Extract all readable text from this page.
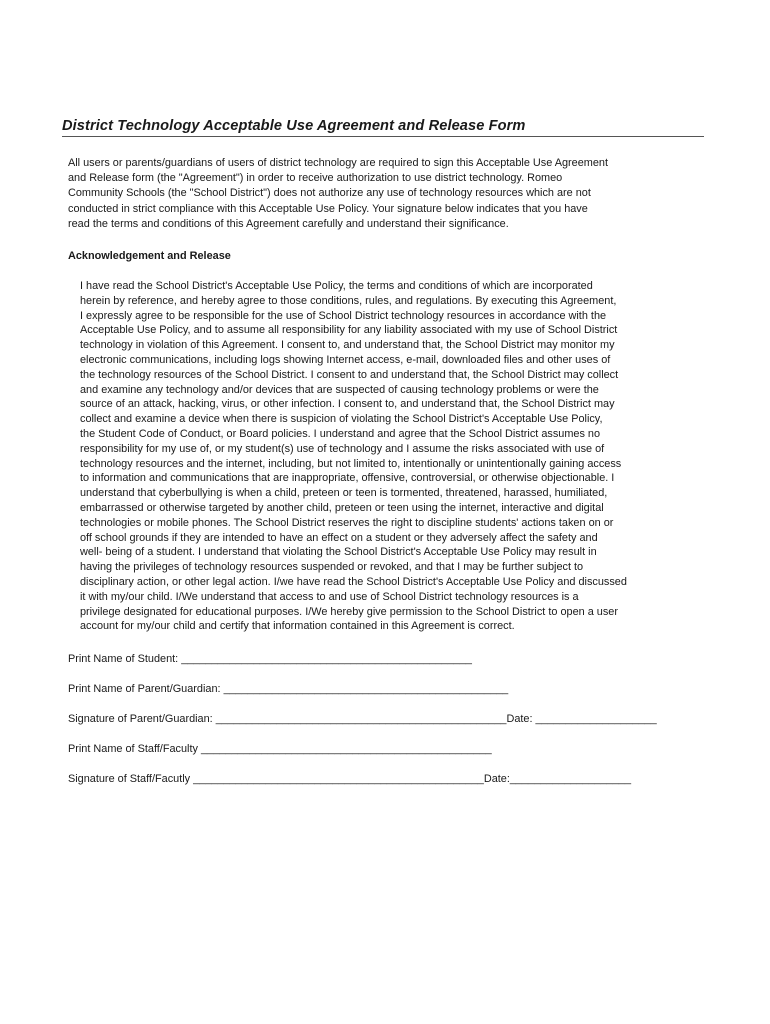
District Technology Acceptable Use Agreement and Release Form
All users or parents/guardians of users of district technology are required to sign this Acceptable Use Agreement
and Release form (the "Agreement") in order to receive authorization to use district technology. Romeo
Community Schools (the "School District") does not authorize any use of technology resources which are not
conducted in strict compliance with this Acceptable Use Policy. Your signature below indicates that you have
read the terms and conditions of this Agreement carefully and understand their significance.
Acknowledgement and Release
I have read the School District's Acceptable Use Policy, the terms and conditions of which are incorporated
herein by reference, and hereby agree to those conditions, rules, and regulations. By executing this Agreement,
I expressly agree to be responsible for the use of School District technology resources in accordance with the
Acceptable Use Policy, and to assume all responsibility for any liability associated with my use of School District
technology in violation of this Agreement. I consent to, and understand that, the School District may monitor my
electronic communications, including logs showing Internet access, e-mail, downloaded files and other uses of
the technology resources of the School District. I consent to and understand that, the School District may collect
and examine any technology and/or devices that are suspected of causing technology problems or were the
source of an attack, hacking, virus, or other infection. I consent to, and understand that, the School District may
collect and examine a device when there is suspicion of violating the School District's Acceptable Use Policy,
the Student Code of Conduct, or Board policies. I understand and agree that the School District assumes no
responsibility for my use of, or my student(s) use of technology and I assume the risks associated with use of
technology resources and the internet, including, but not limited to, intentionally or unintentionally gaining access
to information and communications that are inappropriate, offensive, controversial, or otherwise objectionable. I
understand that cyberbullying is when a child, preteen or teen is tormented, threatened, harassed, humiliated,
embarrassed or otherwise targeted by another child, preteen or teen using the internet, interactive and digital
technologies or mobile phones. The School District reserves the right to discipline students' actions taken on or
off school grounds if they are intended to have an effect on a student or they adversely affect the safety and
well- being of a student. I understand that violating the School District's Acceptable Use Policy may result in
having the privileges of technology resources suspended or revoked, and that I may be further subject to
disciplinary action, or other legal action. I/we have read the School District's Acceptable Use Policy and discussed
it with my/our child. I/We understand that access to and use of School District technology resources is a
privilege designated for educational purposes. I/We hereby give permission to the School District to open a user
account for my/our child and certify that information contained in this Agreement is correct.
Print Name of Student: ________________________________________________
Print Name of Parent/Guardian: _______________________________________________
Signature of Parent/Guardian: ________________________________________________Date: ____________________
Print Name of Staff/Faculty ________________________________________________
Signature of Staff/Facutly ________________________________________________Date:____________________
